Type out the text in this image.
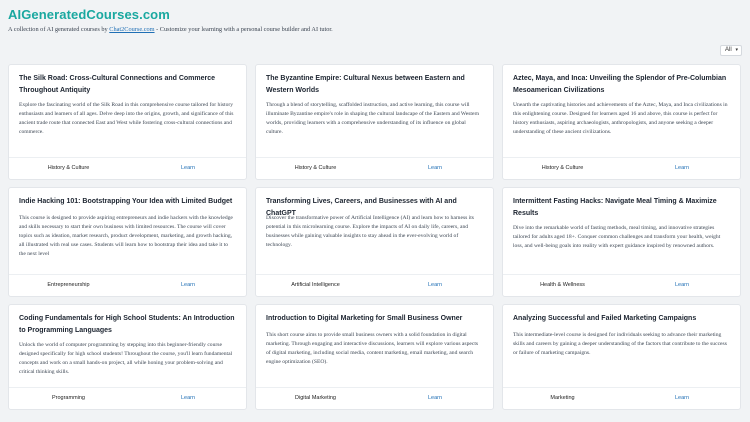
AIGeneratedCourses.com
A collection of AI generated courses by Chat2Course.com - Customize your learning with a personal course builder and AI tutor.
All ▾
The Silk Road: Cross-Cultural Connections and Commerce Throughout Antiquity
Explore the fascinating world of the Silk Road in this comprehensive course tailored for history enthusiasts and learners of all ages. Delve deep into the origins, growth, and significance of this ancient trade route that connected East and West while fostering cross-cultural connections and commerce.
History & Culture	Learn
The Byzantine Empire: Cultural Nexus between Eastern and Western Worlds
Through a blend of storytelling, scaffolded instruction, and active learning, this course will illuminate Byzantine empire's role in shaping the cultural landscape of the Eastern and Western worlds, providing learners with a comprehensive understanding of its influence on global culture.
History & Culture	Learn
Aztec, Maya, and Inca: Unveiling the Splendor of Pre-Columbian Mesoamerican Civilizations
Unearth the captivating histories and achievements of the Aztec, Maya, and Inca civilizations in this enlightening course. Designed for learners aged 16 and above, this course is perfect for history enthusiasts, aspiring archaeologists, anthropologists, and anyone seeking a deeper understanding of these ancient civilizations.
History & Culture	Learn
Indie Hacking 101: Bootstrapping Your Idea with Limited Budget
This course is designed to provide aspiring entrepreneurs and indie hackers with the knowledge and skills necessary to start their own business with limited resources. The course will cover topics such as ideation, market research, product development, marketing, and growth hacking, all illustrated with real use cases. Students will learn how to bootstrap their idea and take it to the next level
Entrepreneurship	Learn
Transforming Lives, Careers, and Businesses with AI and ChatGPT
Discover the transformative power of Artificial Intelligence (AI) and learn how to harness its potential in this microlearning course. Explore the impacts of AI on daily life, careers, and businesses while gaining valuable insights to stay ahead in the ever-evolving world of technology.
Artificial Intelligence	Learn
Intermittent Fasting Hacks: Navigate Meal Timing & Maximize Results
Dive into the remarkable world of fasting methods, meal timing, and innovative strategies tailored for adults aged 18+. Conquer common challenges and transform your health, weight loss, and well-being goals into reality with expert guidance inspired by renowned authors.
Health & Wellness	Learn
Coding Fundamentals for High School Students: An Introduction to Programming Languages
Unlock the world of computer programming by stepping into this beginner-friendly course designed specifically for high school students! Throughout the course, you'll learn fundamental concepts and work on a small hands-on project, all while honing your problem-solving and critical thinking skills.
Programming	Learn
Introduction to Digital Marketing for Small Business Owner
This short course aims to provide small business owners with a solid foundation in digital marketing. Through engaging and interactive discussions, learners will explore various aspects of digital marketing, including social media, content marketing, email marketing, and search engine optimization (SEO).
Digital Marketing	Learn
Analyzing Successful and Failed Marketing Campaigns
This intermediate-level course is designed for individuals seeking to advance their marketing skills and careers by gaining a deeper understanding of the factors that contribute to the success or failure of marketing campaigns.
Marketing	Learn
